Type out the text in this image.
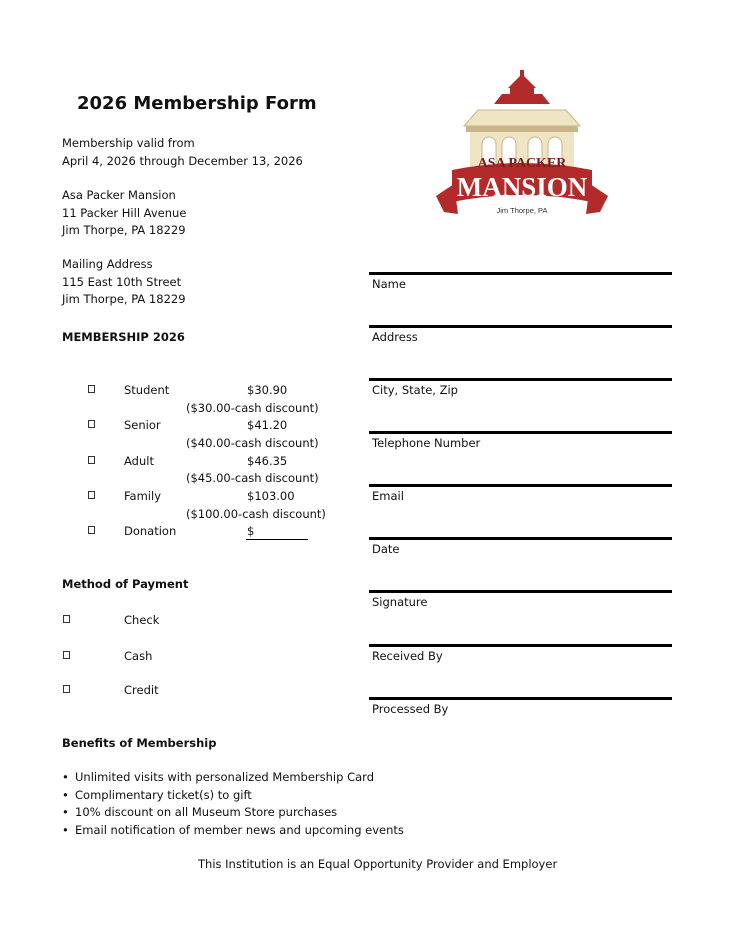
2026 Membership Form
Membership valid from
April 4, 2026 through December 13, 2026
Asa Packer Mansion
11 Packer Hill Avenue
Jim Thorpe, PA 18229
Mailing Address
115 East 10th Street
Jim Thorpe, PA 18229
MEMBERSHIP 2026
Student	$30.90
($30.00-cash discount)
Senior	$41.20
($40.00-cash discount)
Adult	$46.35
($45.00-cash discount)
Family	$103.00
($100.00-cash discount)
Donation	$
Method of Payment
Check
Cash
Credit
Name
Address
City, State, Zip
Telephone Number
Email
Date
Signature
Received By
Processed By
Benefits of Membership
• Unlimited visits with personalized Membership Card
• Complimentary ticket(s) to gift
• 10% discount on all Museum Store purchases
• Email notification of member news and upcoming events
This Institution is an Equal Opportunity Provider and Employer
ASA PACKER
MANSION
Jim Thorpe, PA
